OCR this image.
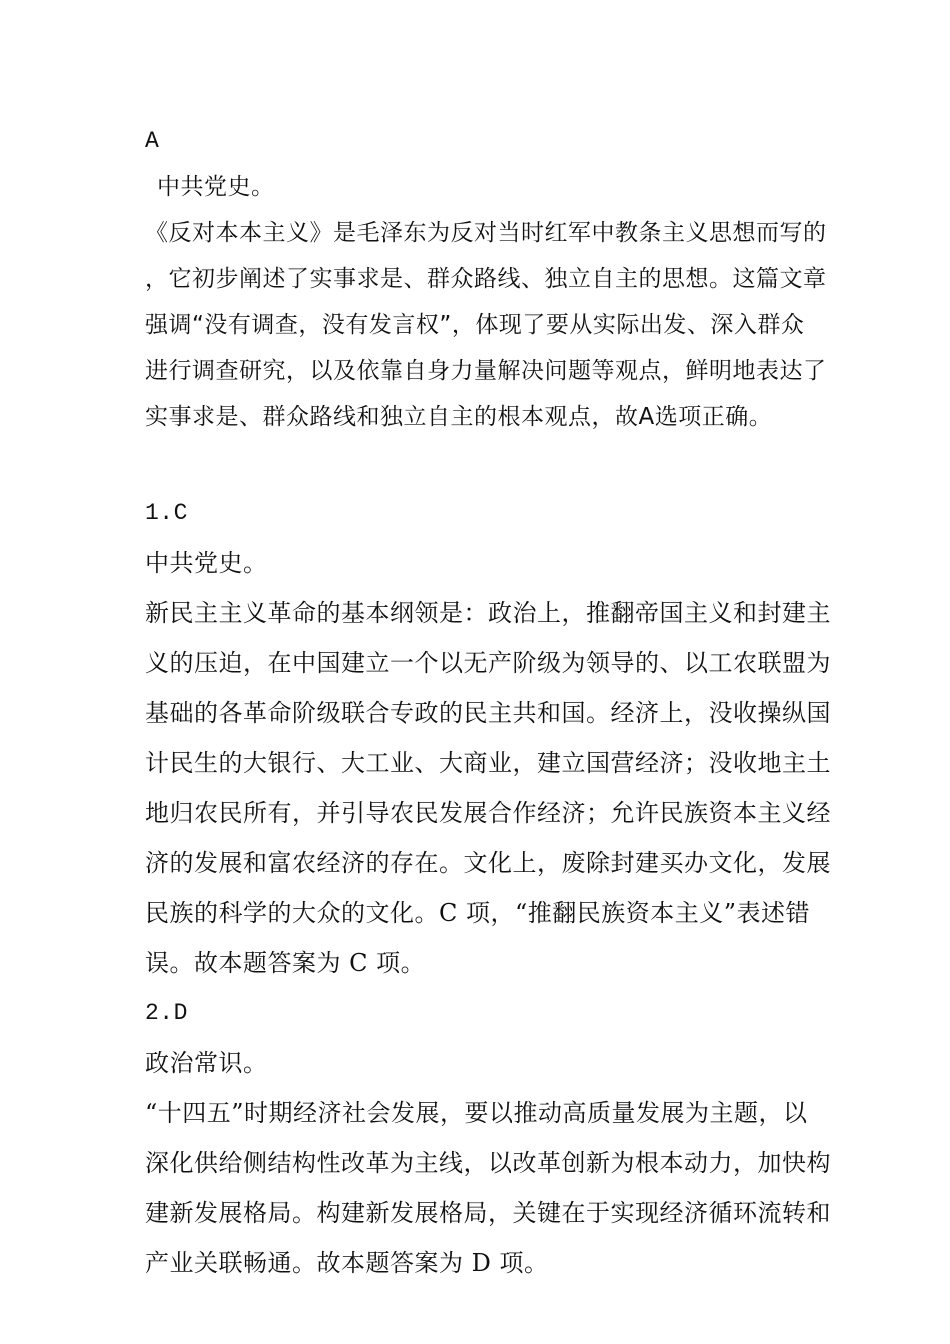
A
中共党史。
《反对本本主义》是毛泽东为反对当时红军中教条主义思想而写的
，它初步阐述了实事求是、群众路线、独立自主的思想。这篇文章
强调“没有调查，没有发言权”，体现了要从实际出发、深入群众
进行调查研究，以及依靠自身力量解决问题等观点，鲜明地表达了
实事求是、群众路线和独立自主的根本观点，故A选项正确。
1.C
中共党史。
新民主主义革命的基本纲领是：政治上，推翻帝国主义和封建主
义的压迫，在中国建立一个以无产阶级为领导的、以工农联盟为
基础的各革命阶级联合专政的民主共和国。经济上，没收操纵国
计民生的大银行、大工业、大商业，建立国营经济；没收地主土
地归农民所有，并引导农民发展合作经济；允许民族资本主义经
济的发展和富农经济的存在。文化上，废除封建买办文化，发展
民族的科学的大众的文化。C 项，“推翻民族资本主义”表述错
误。故本题答案为 C 项。
2.D
政治常识。
“十四五”时期经济社会发展，要以推动高质量发展为主题，以
深化供给侧结构性改革为主线，以改革创新为根本动力，加快构
建新发展格局。构建新发展格局，关键在于实现经济循环流转和
产业关联畅通。故本题答案为 D 项。
